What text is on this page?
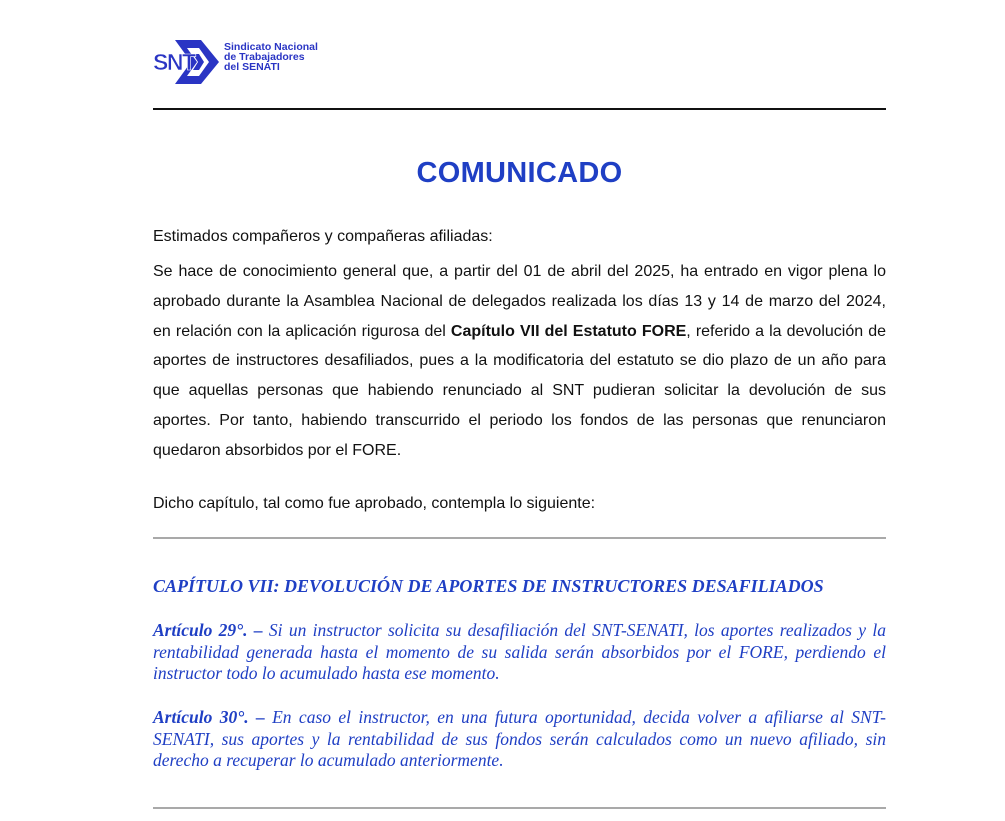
SNT
Sindicato Nacional
de Trabajadores
del SENATI
COMUNICADO
Estimados compañeros y compañeras afiliadas:
Se hace de conocimiento general que, a partir del 01 de abril del 2025, ha entrado en vigor plena lo aprobado durante la Asamblea Nacional de delegados realizada los días 13 y 14 de marzo del 2024, en relación con la aplicación rigurosa del Capítulo VII del Estatuto FORE, referido a la devolución de aportes de instructores desafiliados, pues a la modificatoria del estatuto se dio plazo de un año para que aquellas personas que habiendo renunciado al SNT pudieran solicitar la devolución de sus aportes. Por tanto, habiendo transcurrido el periodo los fondos de las personas que renunciaron quedaron absorbidos por el FORE.
Dicho capítulo, tal como fue aprobado, contempla lo siguiente:
CAPÍTULO VII: DEVOLUCIÓN DE APORTES DE INSTRUCTORES DESAFILIADOS
Artículo 29°. – Si un instructor solicita su desafiliación del SNT-SENATI, los aportes realizados y la rentabilidad generada hasta el momento de su salida serán absorbidos por el FORE, perdiendo el instructor todo lo acumulado hasta ese momento.
Artículo 30°. – En caso el instructor, en una futura oportunidad, decida volver a afiliarse al SNT-SENATI, sus aportes y la rentabilidad de sus fondos serán calculados como un nuevo afiliado, sin derecho a recuperar lo acumulado anteriormente.
